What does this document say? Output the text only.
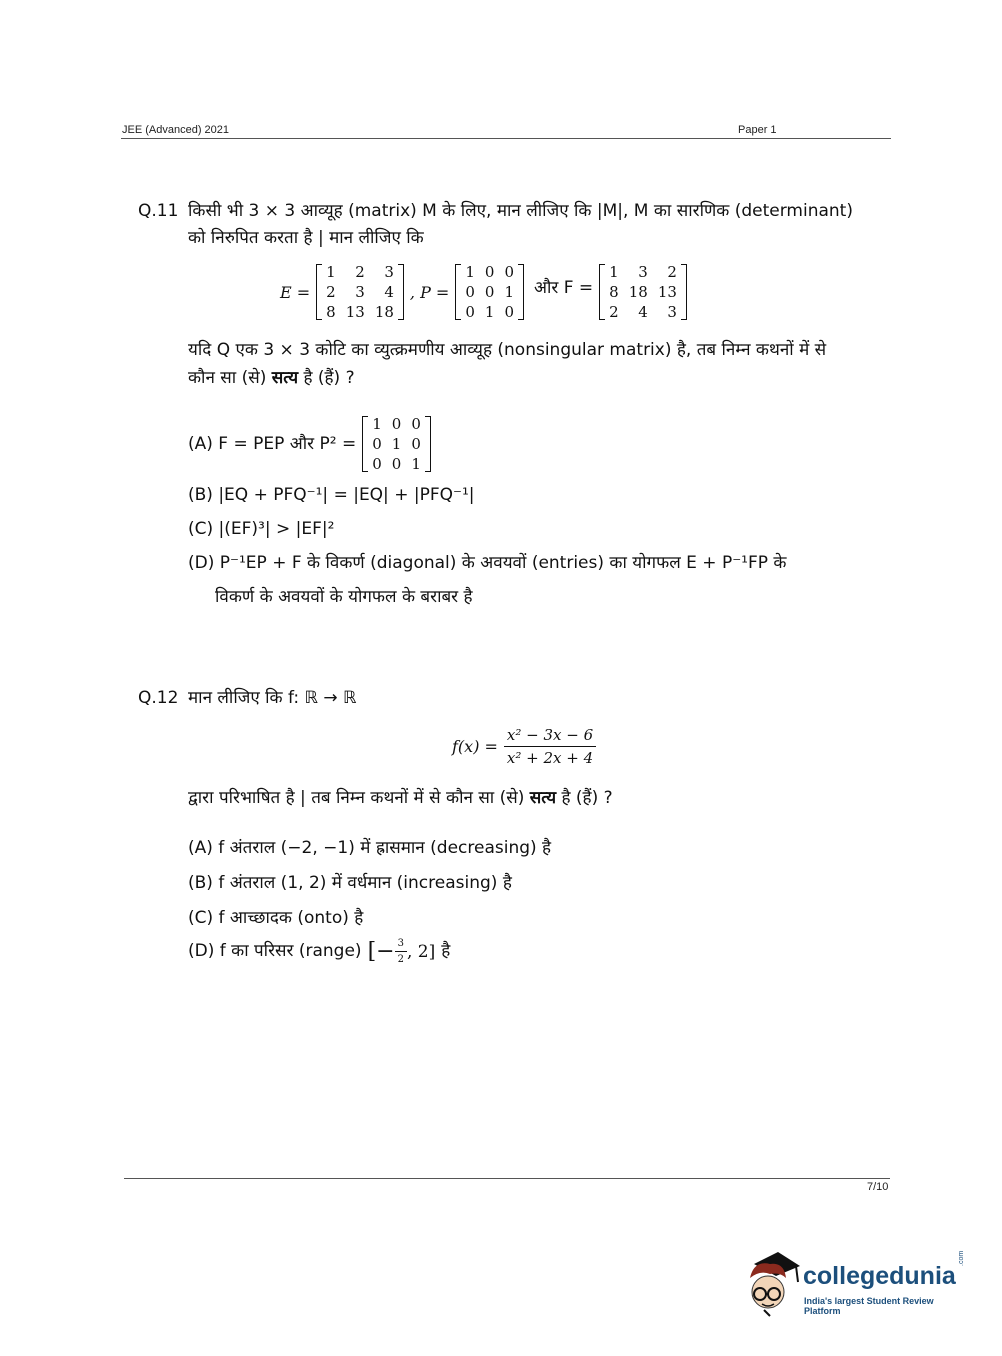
JEE (Advanced) 2021	Paper 1
Q.11 किसी भी 3 × 3 आव्यूह (matrix) M के लिए, मान लीजिए कि |M|, M का सारणिक (determinant)
को निरुपित करता है | मान लीजिए कि
E =
1	2	3
2	3	4
8	13	18
, P =
1	0	0
0	0	1
0	1	0
और F =
1	3	2
8	18	13
2	4	3
यदि Q एक 3 × 3 कोटि का व्युत्क्रमणीय आव्यूह (nonsingular matrix) है, तब निम्न कथनों में से
कौन सा (से) सत्य है (हैं) ?
(A) F = PEP और P² =
1	0	0
0	1	0
0	0	1
(B) |EQ + PFQ⁻¹| = |EQ| + |PFQ⁻¹|
(C) |(EF)³| > |EF|²
(D) P⁻¹EP + F के विकर्ण (diagonal) के अवयवों (entries) का योगफल E + P⁻¹FP के
विकर्ण के अवयवों के योगफल के बराबर है
Q.12 मान लीजिए कि f: ℝ → ℝ
$f(x) = \frac{\text{x² − 3x − 6}}{\text{x² + 2x + 4}}$
द्वारा परिभाषित है | तब निम्न कथनों में से कौन सा (से) सत्य है (हैं) ?
(A) f अंतराल (−2, −1) में ह्रासमान (decreasing) है
(B) f अंतराल (1, 2) में वर्धमान (increasing) है
(C) f आच्छादक (onto) है
(D) f का परिसर (range) [− $\frac{3}{2}$ , 2] है
7/10
collegedunia
.com
India's largest Student Review Platform
